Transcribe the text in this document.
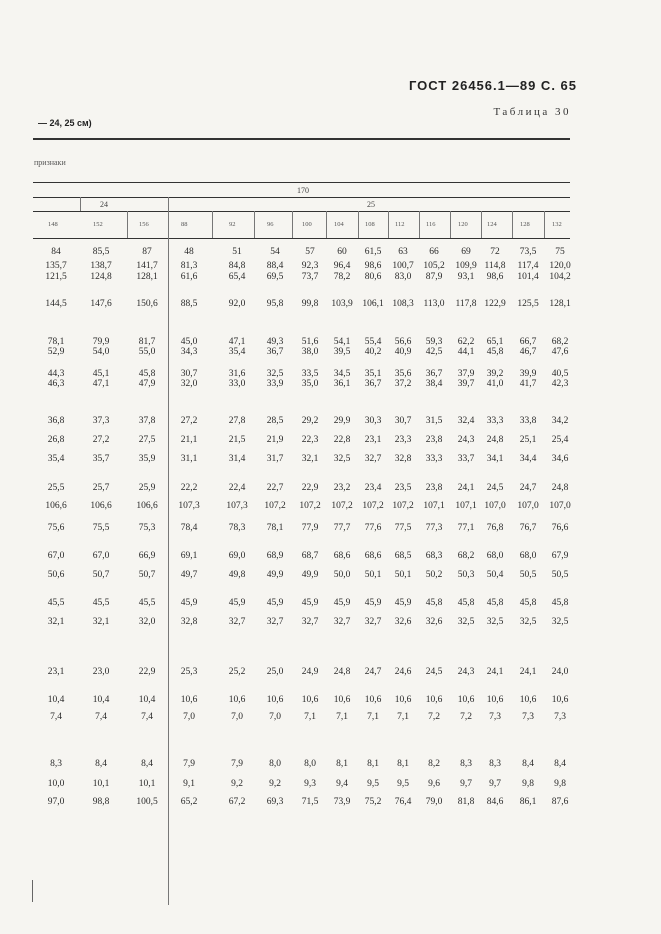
ГОСТ 26456.1—89 С. 65
Таблица 30
— 24, 25 см)
признаки
170
24	25
148	152	156	88	92	96	100	104	108	112	116	120	124	128	132
84	85,5	87	48	51	54	57 60 61,5 63 66 69 72 73,5 75
135,7 138,7	141,7 81,3	84,8 88,4 92,3 96,4 98,6 100,7 105,2 109,9 114,8 117,4 120,0
121,5 124,8	128,1 61,6	65,4 69,5 73,7 78,2 80,6 83,0 87,9 93,1 98,6 101,4 104,2
144,5 147,6	150,6 88,5	92,0 95,8 99,8 103,9 106,1 108,3 113,0 117,8 122,9 125,5 128,1
78,1	79,9	81,7	45,0	47,1 49,3 51,6 54,1 55,4 56,6 59,3 62,2 65,1 66,7 68,2
52,9	54,0	55,0	34,3	35,4 36,7 38,0 39,5 40,2 40,9 42,5 44,1 45,8 46,7 47,6
44,3	45,1	45,8	30,7	31,6 32,5 33,5 34,5 35,1 35,6 36,7 37,9 39,2 39,9 40,5
46,3	47,1	47,9	32,0	33,0 33,9 35,0 36,1 36,7 37,2 38,4 39,7 41,0 41,7 42,3
36,8	37,3	37,8	27,2	27,8 28,5 29,2 29,9 30,3 30,7 31,5 32,4 33,3 33,8 34,2
26,8	27,2	27,5	21,1	21,5 21,9 22,3 22,8 23,1 23,3 23,8 24,3 24,8 25,1 25,4
35,4	35,7	35,9	31,1	31,4 31,7 32,1 32,5 32,7 32,8 33,3 33,7 34,1 34,4 34,6
25,5	25,7	25,9	22,2	22,4 22,7 22,9 23,2 23,4 23,5 23,8 24,1 24,5 24,7 24,8
106,6 106,6	106,6 107,3	107,3 107,2 107,2 107,2 107,2 107,2 107,1 107,1 107,0 107,0 107,0
75,6	75,5	75,3	78,4	78,3 78,1 77,9 77,7 77,6 77,5 77,3 77,1 76,8 76,7 76,6
67,0	67,0	66,9	69,1	69,0 68,9 68,7 68,6 68,6 68,5 68,3 68,2 68,0 68,0 67,9
50,6	50,7	50,7	49,7	49,8 49,9 49,9 50,0 50,1 50,1 50,2 50,3 50,4 50,5 50,5
45,5	45,5	45,5	45,9	45,9 45,9 45,9 45,9 45,9 45,9 45,8 45,8 45,8 45,8 45,8
32,1	32,1	32,0	32,8	32,7 32,7 32,7 32,7 32,7 32,6 32,6 32,5 32,5 32,5 32,5
23,1	23,0	22,9	25,3	25,2 25,0 24,9 24,8 24,7 24,6 24,5 24,3 24,1 24,1 24,0
10,4	10,4	10,4	10,6	10,6 10,6 10,6 10,6 10,6 10,6 10,6 10,6 10,6 10,6 10,6
7,4	7,4	7,4	7,0	7,0	7,0 7,1 7,1 7,1 7,1 7,2 7,2 7,3 7,3 7,3
8,3	8,4	8,4	7,9	7,9	8,0 8,0 8,1 8,1 8,1 8,2 8,3 8,3 8,4 8,4
10,0	10,1	10,1	9,1	9,2	9,2 9,3 9,4 9,5 9,5 9,6 9,7 9,7 9,8 9,8
97,0	98,8	100,5 65,2	67,2 69,3 71,5 73,9 75,2 76,4 79,0 81,8 84,6 86,1 87,6
